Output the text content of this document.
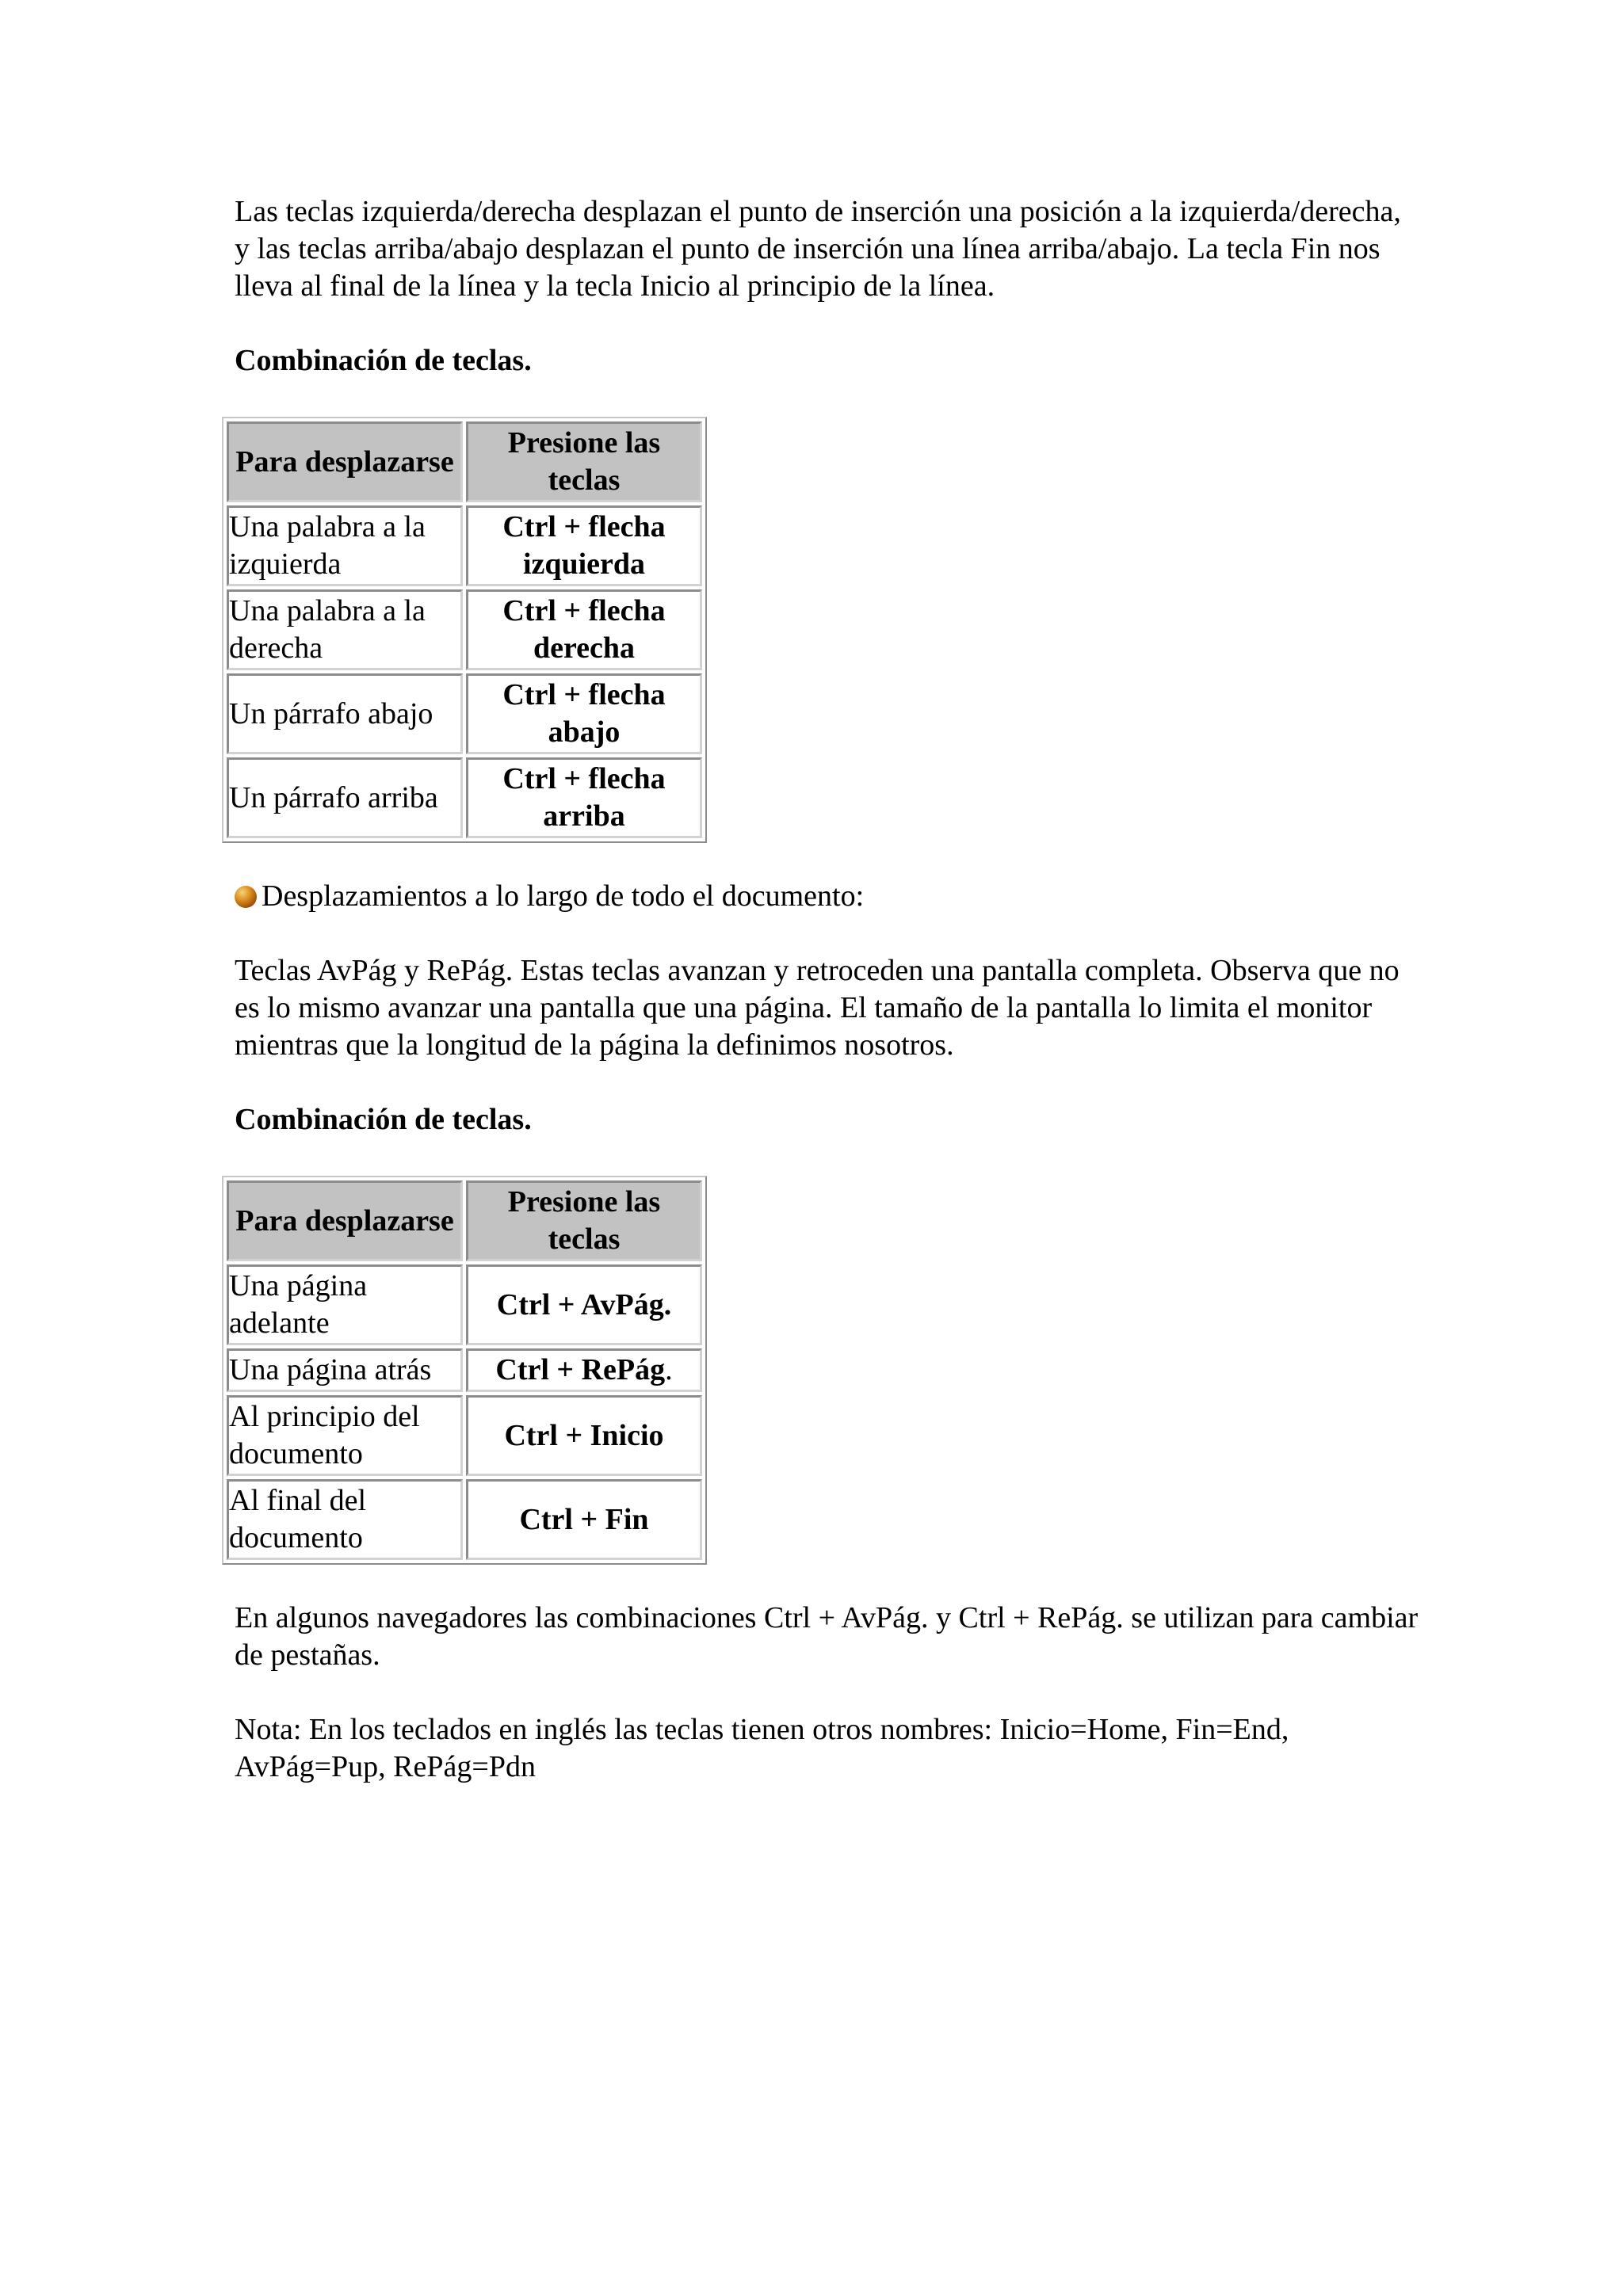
Las teclas izquierda/derecha desplazan el punto de inserción una posición a la izquierda/derecha, y las teclas arriba/abajo desplazan el punto de inserción una línea arriba/abajo. La tecla Fin nos lleva al final de la línea y la tecla Inicio al principio de la línea.

Combinación de teclas.

Para desplazarse	Presione las teclas
Una palabra a la izquierda	Ctrl + flecha izquierda
Una palabra a la derecha	Ctrl + flecha derecha
Un párrafo abajo	Ctrl + flecha abajo
Un párrafo arriba	Ctrl + flecha arriba

Desplazamientos a lo largo de todo el documento:

Teclas AvPág y RePág. Estas teclas avanzan y retroceden una pantalla completa. Observa que no es lo mismo avanzar una pantalla que una página. El tamaño de la pantalla lo limita el monitor mientras que la longitud de la página la definimos nosotros.

Combinación de teclas.

Para desplazarse	Presione las teclas
Una página adelante	Ctrl + AvPág.
Una página atrás	Ctrl + RePág.
Al principio del documento	Ctrl + Inicio
Al final del documento	Ctrl + Fin

En algunos navegadores las combinaciones Ctrl + AvPág. y Ctrl + RePág. se utilizan para cambiar de pestañas.

Nota: En los teclados en inglés las teclas tienen otros nombres: Inicio=Home, Fin=End, AvPág=Pup, RePág=Pdn
